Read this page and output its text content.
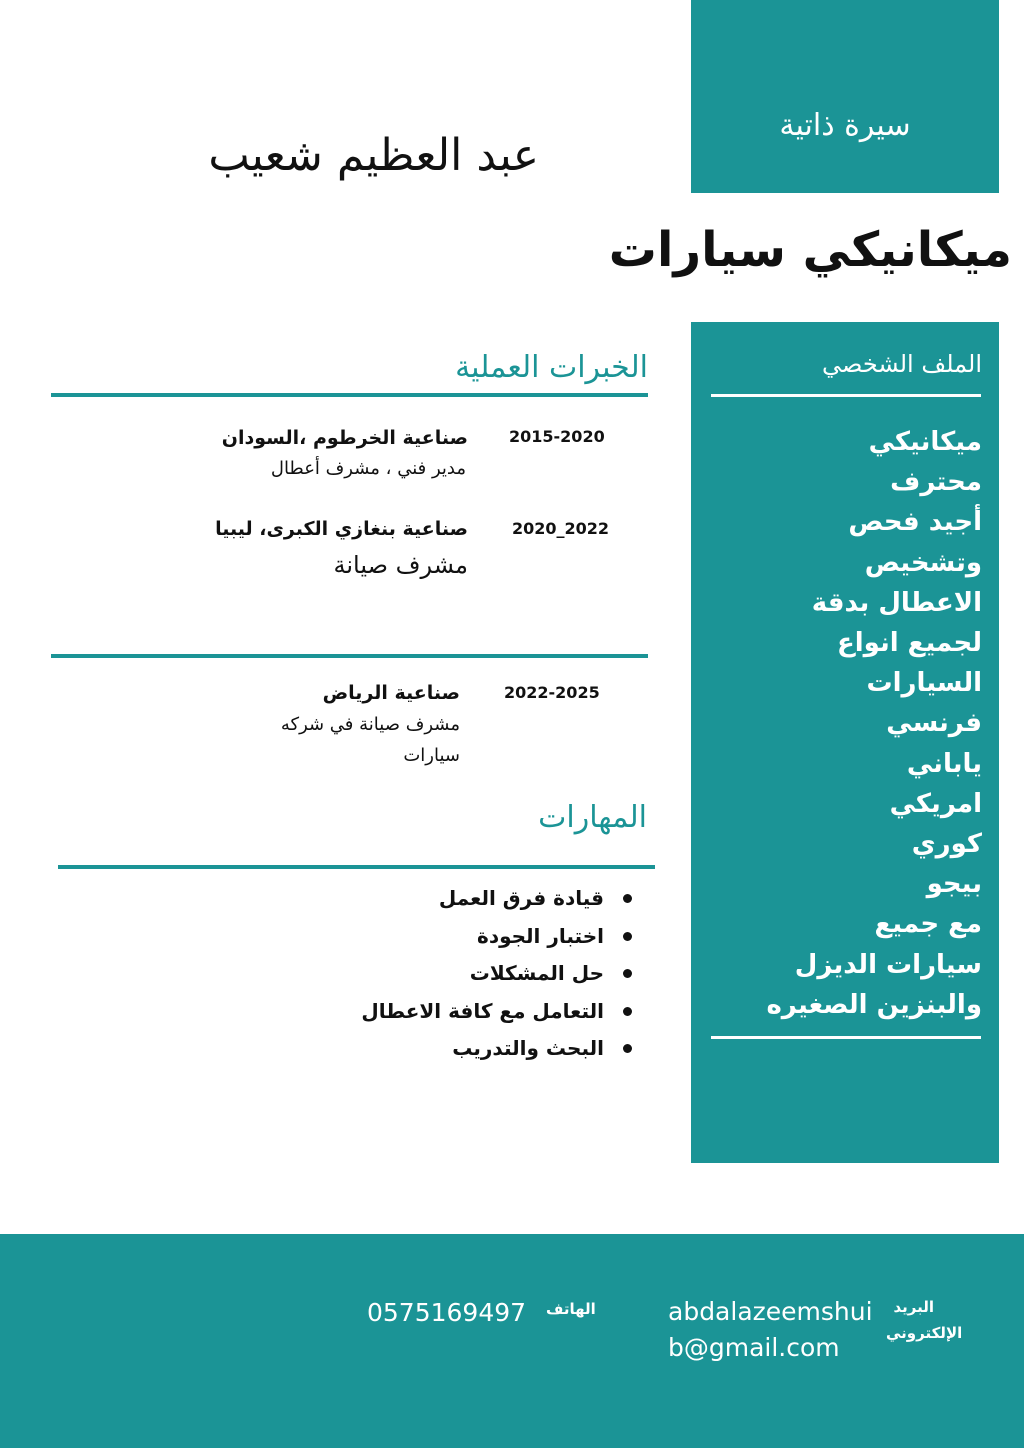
سيرة ذاتية
عبد العظيم شعيب
ميكانيكي سيارات
الملف الشخصي
ميكانيكي
محترف
أجيد فحص
وتشخيص
الاعطال بدقة
لجميع انواع
السيارات
فرنسي
ياباني
امريكي
كوري
بيجو
مع جميع
سيارات الديزل
والبنزين الصغيره
الخبرات العملية
صناعية الخرطوم ،السودان
مدير فني ، مشرف أعطال
2015-2020
صناعية بنغازي الكبرى، ليبيا
مشرف صيانة
2020_2022
صناعية الرياض
مشرف صيانة في شركه
سيارات
2022-2025
المهارات
قيادة فرق العمل
اختبار الجودة
حل المشكلات
التعامل مع كافة الاعطال
البحث والتدريب
0575169497 الهاتف	abdalazeemshui
b@gmail.com
البريد
الإلكتروني
